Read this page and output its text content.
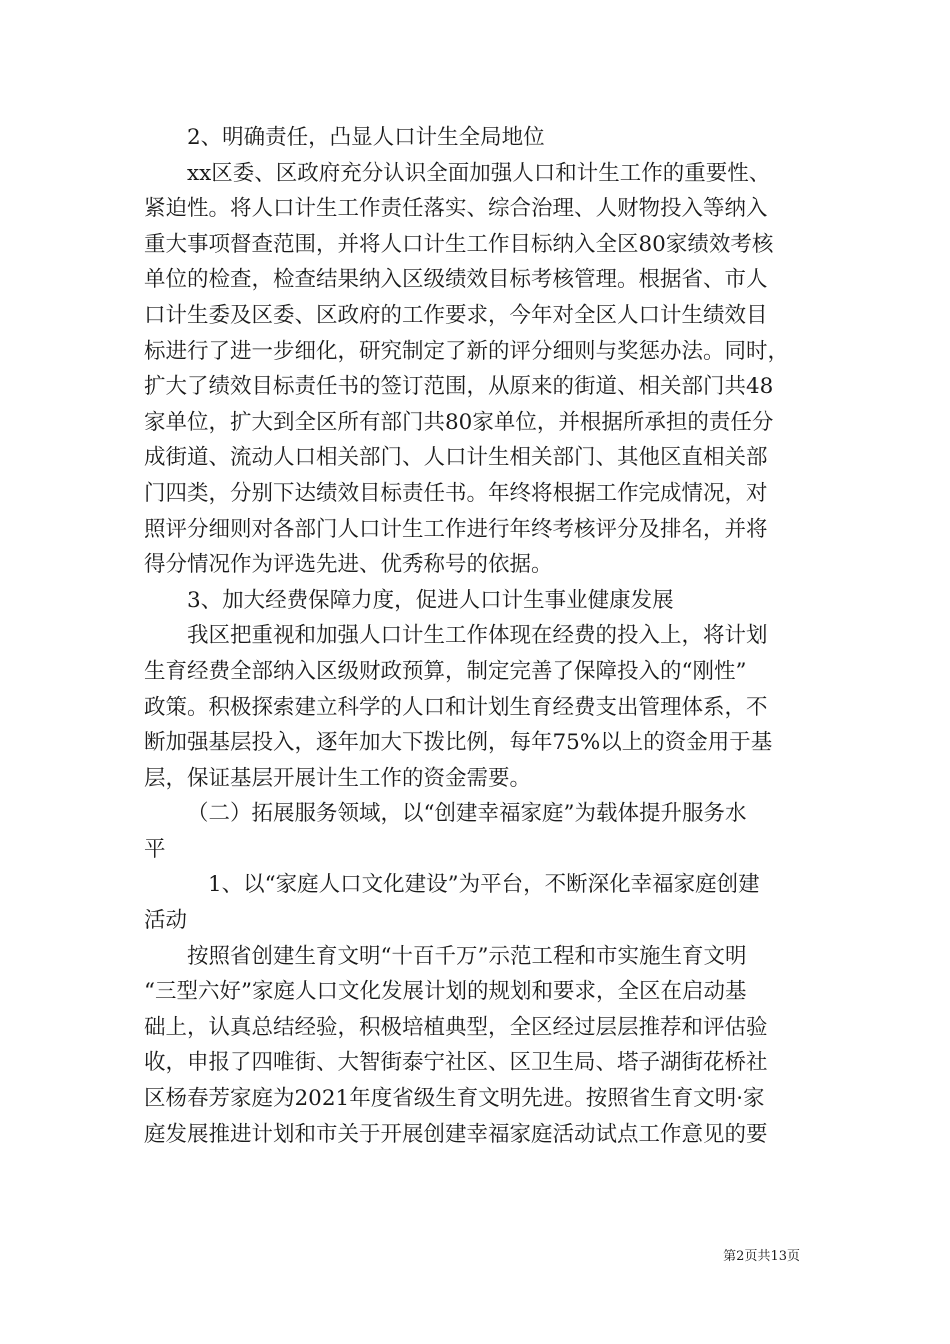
2、明确责任，凸显人口计生全局地位

xx区委、区政府充分认识全面加强人口和计生工作的重要性、

紧迫性。将人口计生工作责任落实、综合治理、人财物投入等纳入

重大事项督查范围，并将人口计生工作目标纳入全区80家绩效考核

单位的检查，检查结果纳入区级绩效目标考核管理。根据省、市人

口计生委及区委、区政府的工作要求，今年对全区人口计生绩效目

标进行了进一步细化，研究制定了新的评分细则与奖惩办法。同时，

扩大了绩效目标责任书的签订范围，从原来的街道、相关部门共48

家单位，扩大到全区所有部门共80家单位，并根据所承担的责任分

成街道、流动人口相关部门、人口计生相关部门、其他区直相关部

门四类，分别下达绩效目标责任书。年终将根据工作完成情况，对

照评分细则对各部门人口计生工作进行年终考核评分及排名，并将

得分情况作为评选先进、优秀称号的依据。

3、加大经费保障力度，促进人口计生事业健康发展

我区把重视和加强人口计生工作体现在经费的投入上，将计划

生育经费全部纳入区级财政预算，制定完善了保障投入的“刚性”

政策。积极探索建立科学的人口和计划生育经费支出管理体系，不

断加强基层投入，逐年加大下拨比例，每年75%以上的资金用于基

层，保证基层开展计生工作的资金需要。

（二）拓展服务领域，以“创建幸福家庭”为载体提升服务水

平

1、以“家庭人口文化建设”为平台，不断深化幸福家庭创建

活动

按照省创建生育文明“十百千万”示范工程和市实施生育文明

“三型六好”家庭人口文化发展计划的规划和要求，全区在启动基

础上，认真总结经验，积极培植典型，全区经过层层推荐和评估验

收，申报了四唯街、大智街泰宁社区、区卫生局、塔子湖街花桥社

区杨春芳家庭为2021年度省级生育文明先进。按照省生育文明·家

庭发展推进计划和市关于开展创建幸福家庭活动试点工作意见的要

第2页共13页
